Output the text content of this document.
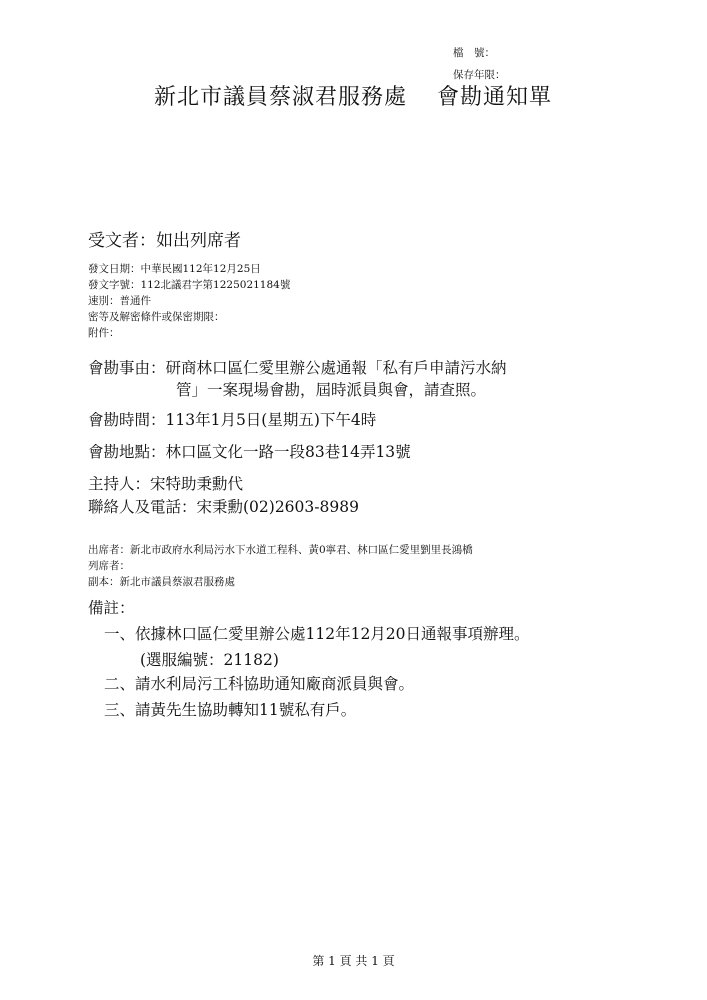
檔　號：
保存年限：
新北市議員蔡淑君服務處 會勘通知單
受文者：如出列席者
發文日期：中華民國112年12月25日
發文字號：112北議君字第1225021184號
速別：普通件
密等及解密條件或保密期限：
附件：
會勘事由：研商林口區仁愛里辦公處通報「私有戶申請污水納
管」一案現場會勘，屆時派員與會，請查照。
會勘時間：113年1月5日(星期五)下午4時
會勘地點：林口區文化一路一段83巷14弄13號
主持人：宋特助秉勳代
聯絡人及電話：宋秉勳(02)2603-8989
出席者：新北市政府水利局污水下水道工程科、黃0寧君、林口區仁愛里劉里長鴻橋
列席者：
副本：新北市議員蔡淑君服務處
備註：
一、依據林口區仁愛里辦公處112年12月20日通報事項辦理。
(選服編號：21182)
二、請水利局污工科協助通知廠商派員與會。
三、請黃先生協助轉知11號私有戶。
第 1 頁 共 1 頁
